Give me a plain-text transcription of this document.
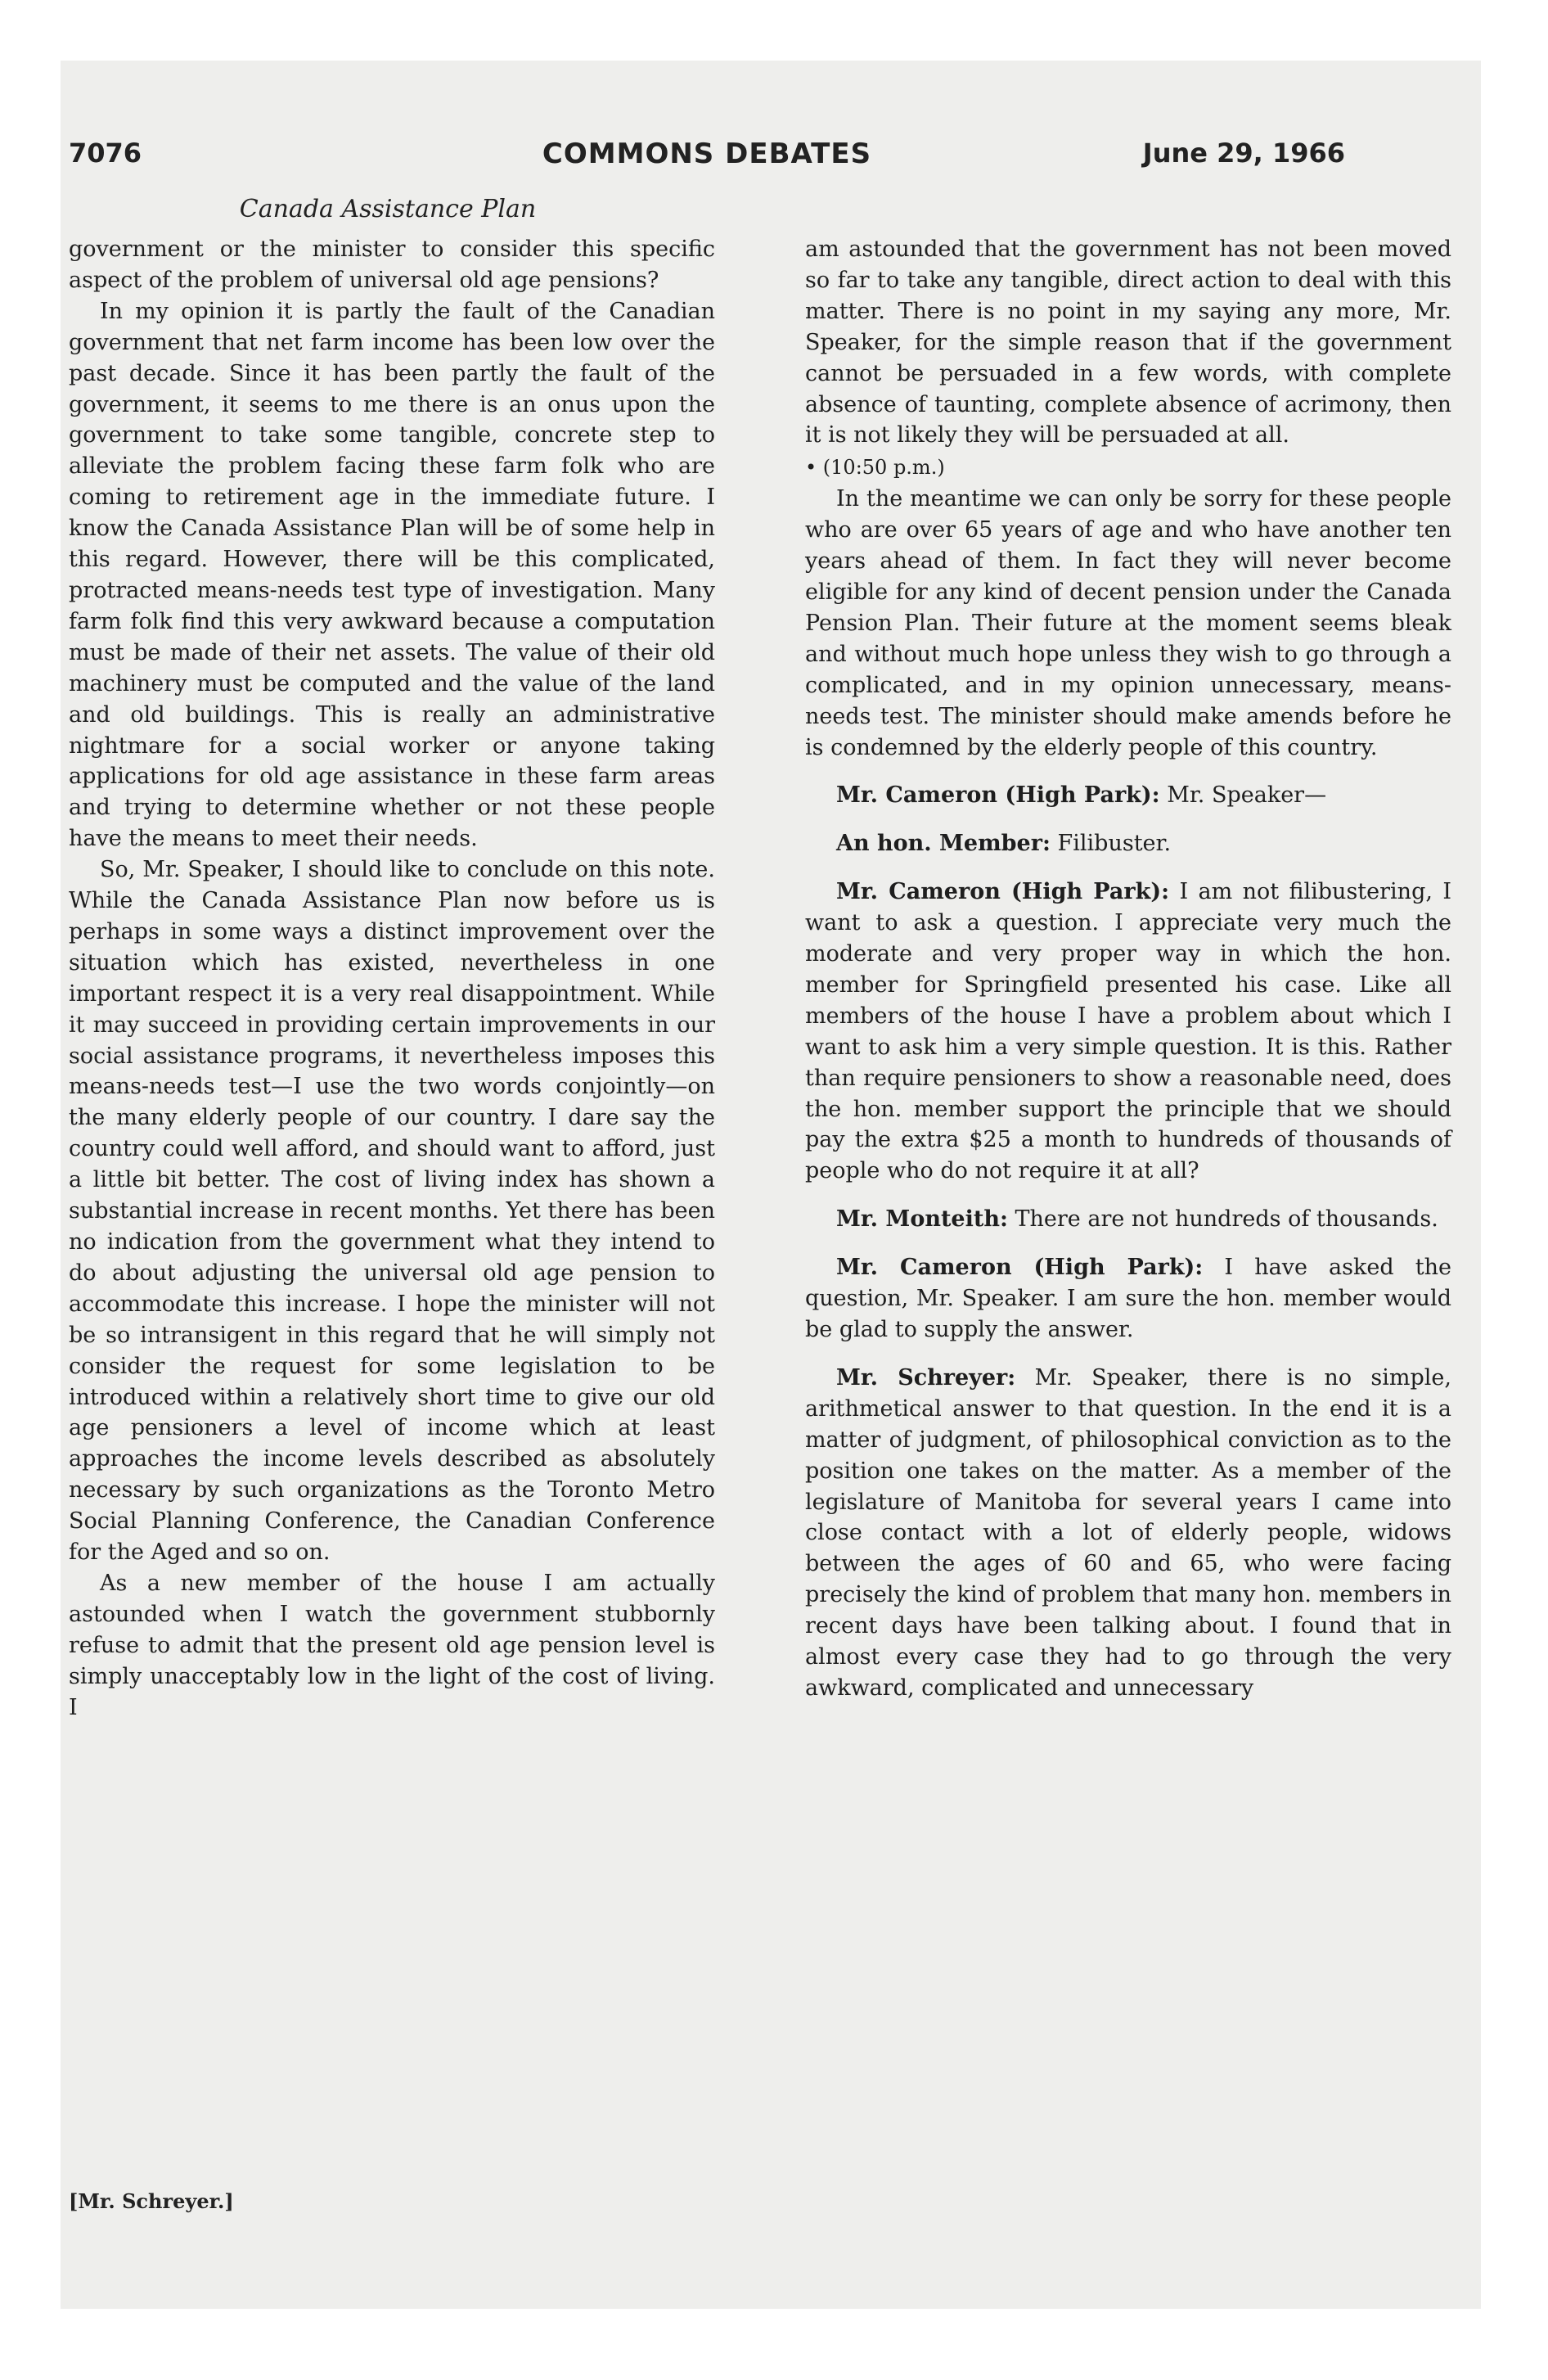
7076	COMMONS DEBATES	June 29, 1966
Canada Assistance Plan

government or the minister to consider this specific aspect of the problem of universal old age pensions?

In my opinion it is partly the fault of the Canadian government that net farm income has been low over the past decade. Since it has been partly the fault of the government, it seems to me there is an onus upon the government to take some tangible, concrete step to alleviate the problem facing these farm folk who are coming to retirement age in the immediate future. I know the Canada Assistance Plan will be of some help in this regard. However, there will be this complicated, protracted means-needs test type of investigation. Many farm folk find this very awkward because a computation must be made of their net assets. The value of their old machinery must be computed and the value of the land and old buildings. This is really an administrative nightmare for a social worker or anyone taking applications for old age assistance in these farm areas and trying to determine whether or not these people have the means to meet their needs.

So, Mr. Speaker, I should like to conclude on this note. While the Canada Assistance Plan now before us is perhaps in some ways a distinct improvement over the situation which has existed, nevertheless in one important respect it is a very real disappointment. While it may succeed in providing certain improvements in our social assistance programs, it nevertheless imposes this means-needs test—I use the two words conjointly—on the many elderly people of our country. I dare say the country could well afford, and should want to afford, just a little bit better. The cost of living index has shown a substantial increase in recent months. Yet there has been no indication from the government what they intend to do about adjusting the universal old age pension to accommodate this increase. I hope the minister will not be so intransigent in this regard that he will simply not consider the request for some legislation to be introduced within a relatively short time to give our old age pensioners a level of income which at least approaches the income levels described as absolutely necessary by such organizations as the Toronto Metro Social Planning Conference, the Canadian Conference for the Aged and so on.

As a new member of the house I am actually astounded when I watch the government stubbornly refuse to admit that the present old age pension level is simply unacceptably low in the light of the cost of living. I

am astounded that the government has not been moved so far to take any tangible, direct action to deal with this matter. There is no point in my saying any more, Mr. Speaker, for the simple reason that if the government cannot be persuaded in a few words, with complete absence of taunting, complete absence of acrimony, then it is not likely they will be persuaded at all.

• (10:50 p.m.)

In the meantime we can only be sorry for these people who are over 65 years of age and who have another ten years ahead of them. In fact they will never become eligible for any kind of decent pension under the Canada Pension Plan. Their future at the moment seems bleak and without much hope unless they wish to go through a complicated, and in my opinion unnecessary, means-needs test. The minister should make amends before he is condemned by the elderly people of this country.

Mr. Cameron (High Park): Mr. Speaker—

An hon. Member: Filibuster.

Mr. Cameron (High Park): I am not filibustering, I want to ask a question. I appreciate very much the moderate and very proper way in which the hon. member for Springfield presented his case. Like all members of the house I have a problem about which I want to ask him a very simple question. It is this. Rather than require pensioners to show a reasonable need, does the hon. member support the principle that we should pay the extra $25 a month to hundreds of thousands of people who do not require it at all?

Mr. Monteith: There are not hundreds of thousands.

Mr. Cameron (High Park): I have asked the question, Mr. Speaker. I am sure the hon. member would be glad to supply the answer.

Mr. Schreyer: Mr. Speaker, there is no simple, arithmetical answer to that question. In the end it is a matter of judgment, of philosophical conviction as to the position one takes on the matter. As a member of the legislature of Manitoba for several years I came into close contact with a lot of elderly people, widows between the ages of 60 and 65, who were facing precisely the kind of problem that many hon. members in recent days have been talking about. I found that in almost every case they had to go through the very awkward, complicated and unnecessary

[Mr. Schreyer.]
